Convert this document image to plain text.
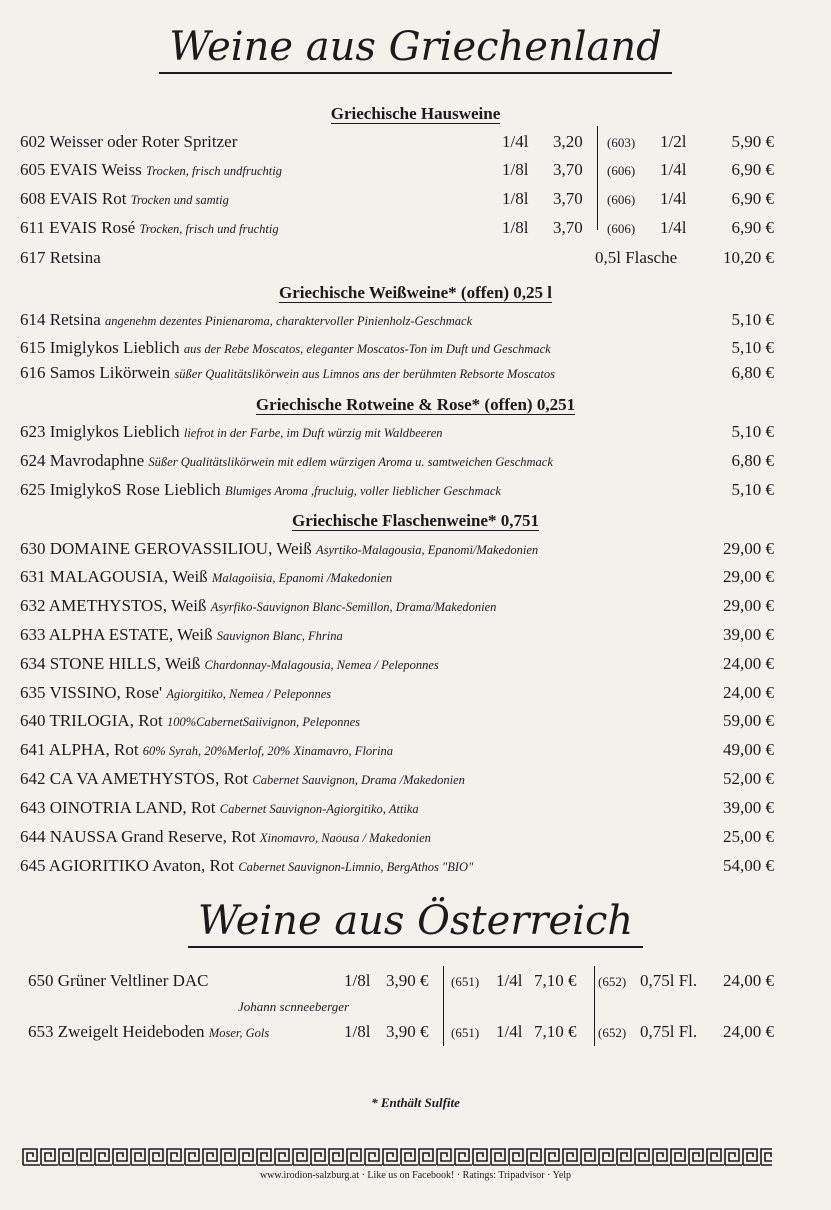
Weine aus Griechenland
Griechische Hausweine
602 Weisser oder Roter Spritzer	1/4l 3,20 (603) 1/2l	5,90 €
605 EVAIS Weiss Trocken, frisch undfruchtig	1/8l 3,70 (606) 1/4l	6,90 €
608 EVAIS Rot Trocken und samtig	1/8l 3,70 (606) 1/4l	6,90 €
611 EVAIS Rosé Trocken, frisch und fruchtig	1/8l 3,70 (606) 1/4l	6,90 €
617 Retsina	0,5l Flasche	10,20 €
Griechische Weißweine* (offen) 0,25 l
614 Retsina angenehm dezentes Pinienaroma, charaktervoller Pinienholz-Geschmack	5,10 €
615 Imiglykos Lieblich aus der Rebe Moscatos, eleganter Moscatos-Ton im Duft und Geschmack	5,10 €
616 Samos Likörwein süßer Qualitätslikörwein aus Limnos ans der berühmten Rebsorte Moscatos	6,80 €
Griechische Rotweine & Rose* (offen) 0,251
623 Imiglykos Lieblich liefrot in der Farbe, im Duft würzig mit Waldbeeren	5,10 €
624 Mavrodaphne Süßer Qualitätslikörwein mit edlem würzigen Aroma u. samtweichen Geschmack	6,80 €
625 ImiglykoS Rose Lieblich Blumiges Aroma ,frucluig, voller lieblicher Geschmack	5,10 €
Griechische Flaschenweine* 0,751
630 DOMAINE GEROVASSILIOU, Weiß Asyrtiko-Malagousia, Epanomi/Makedonien	29,00 €
631 MALAGOUSIA, Weiß Malagoiisia, Epanomi /Makedonien	29,00 €
632 AMETHYSTOS, Weiß Asyrfiko-Sauvignon Blanc-Semillon, Drama/Makedonien	29,00 €
633 ALPHA ESTATE, Weiß Sauvignon Blanc, Fhrina	39,00 €
634 STONE HILLS, Weiß Chardonnay-Malagousia, Nemea / Peleponnes	24,00 €
635 VISSINO, Rose' Agiorgitiko, Nemea / Peleponnes	24,00 €
640 TRILOGIA, Rot 100%CabernetSaiivignon, Peleponnes	59,00 €
641 ALPHA, Rot 60% Syrah, 20%Merlof, 20% Xinamavro, Florina	49,00 €
642 CA VA AMETHYSTOS, Rot Cabernet Sauvignon, Drama /Makedonien	52,00 €
643 OINOTRIA LAND, Rot Cabernet Sauvignon-Agiorgitiko, Attika	39,00 €
644 NAUSSA Grand Reserve, Rot Xinomavro, Naousa / Makedonien	25,00 €
645 AGIORITIKO Avaton, Rot Cabernet Sauvignon-Limnio, BergAthos "BIO"	54,00 €
Weine aus Österreich
650 Grüner Veltliner DAC	1/8l 3,90 € (651) 1/4l 7,10 € (652) 0,75l Fl. 24,00 €
Johann scnneeberger
653 Zweigelt Heideboden Moser, Gols	1/8l 3,90 € (651) 1/4l 7,10 € (652) 0,75l Fl. 24,00 €
* Enthält Sulfite
www.irodion-salzburg.at · Like us on Facebook! · Ratings: Tripadvisor · Yelp
